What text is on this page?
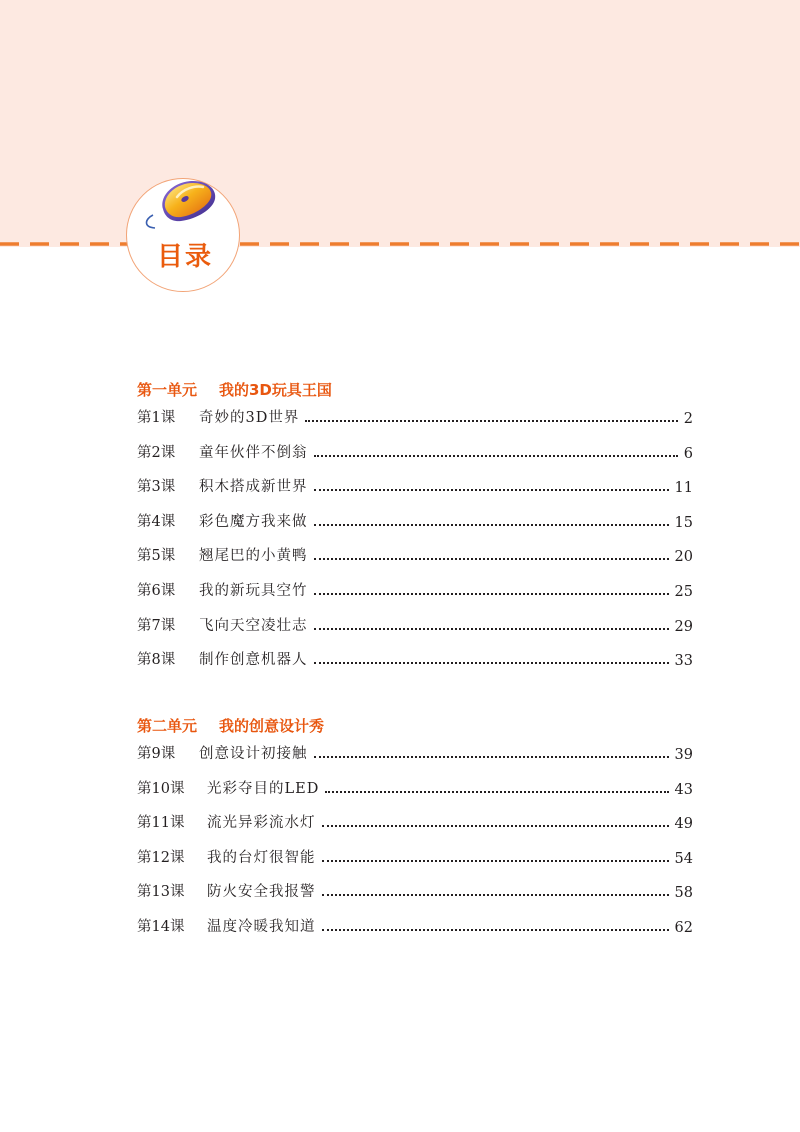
目录
第一单元 我的3D玩具王国
第1课	奇妙的3D世界	2
第2课	童年伙伴不倒翁	6
第3课	积木搭成新世界	11
第4课	彩色魔方我来做	15
第5课	翘尾巴的小黄鸭	20
第6课	我的新玩具空竹	25
第7课	飞向天空凌壮志	29
第8课	制作创意机器人	33
第二单元 我的创意设计秀
第9课	创意设计初接触	39
第10课	光彩夺目的LED	43
第11课	流光异彩流水灯	49
第12课	我的台灯很智能	54
第13课	防火安全我报警	58
第14课	温度冷暖我知道	62
